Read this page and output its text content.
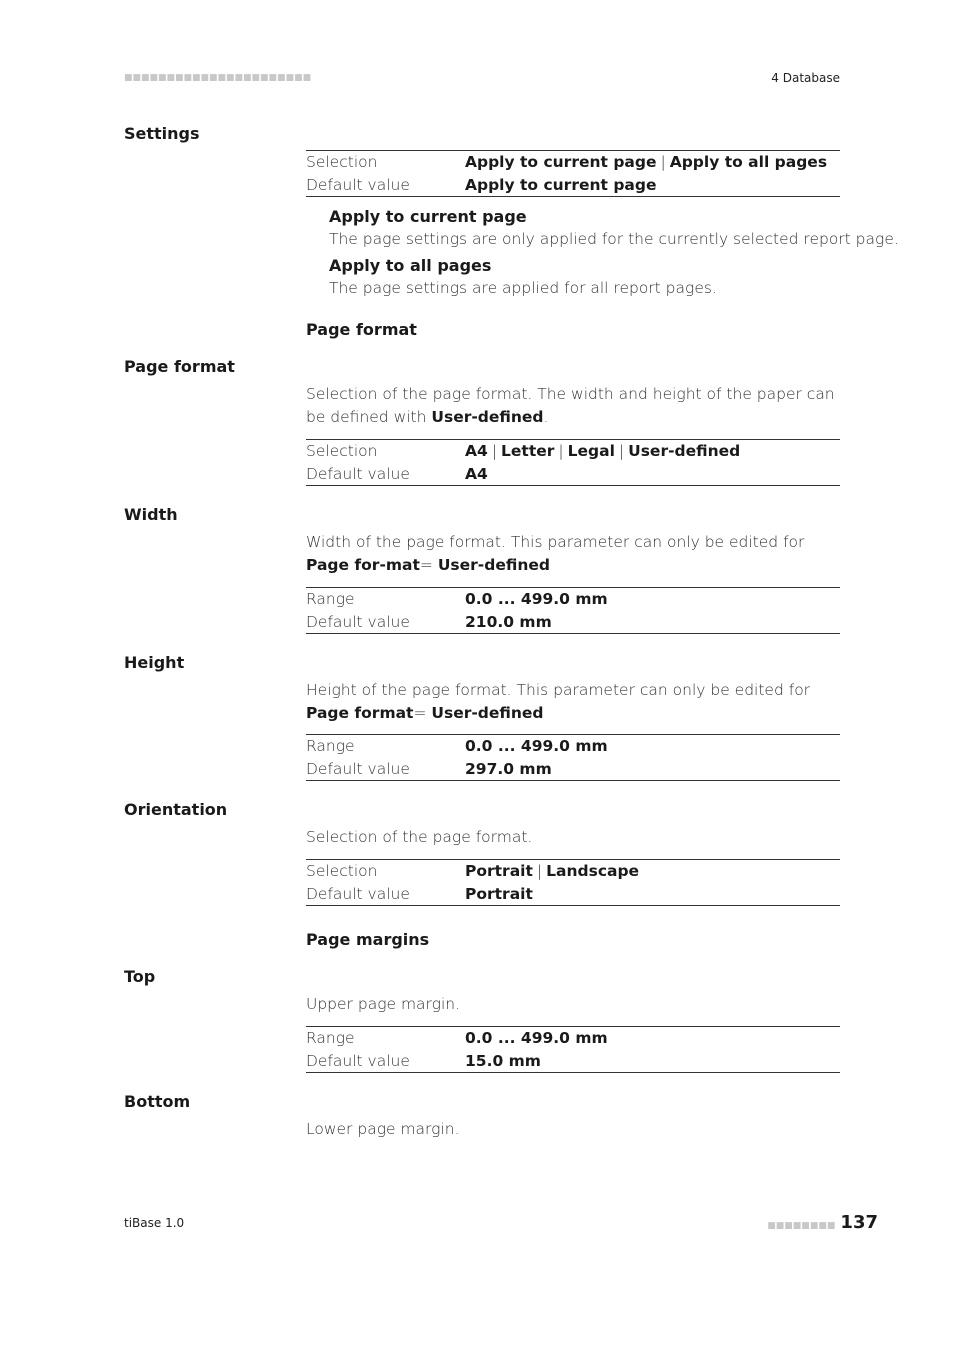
■■■■■■■■■■■■■■■■■■■■■■	4 Database
Settings
Selection	Apply to current page | Apply to all pages
Default value	Apply to current page
Apply to current page
The page settings are only applied for the currently selected report page.
Apply to all pages
The page settings are applied for all report pages.
Page format
Page format
Selection of the page format. The width and height of the paper can be defined with User-defined.
Selection	A4 | Letter | Legal | User-defined
Default value	A4
Width
Width of the page format. This parameter can only be edited for Page for-mat= User-defined
Range	0.0 ... 499.0 mm
Default value	210.0 mm
Height
Height of the page format. This parameter can only be edited for Page format= User-defined
Range	0.0 ... 499.0 mm
Default value	297.0 mm
Orientation
Selection of the page format.
Selection	Portrait | Landscape
Default value	Portrait
Page margins
Top
Upper page margin.
Range	0.0 ... 499.0 mm
Default value	15.0 mm
Bottom
Lower page margin.
tiBase 1.0	■■■■■■■■ 137
